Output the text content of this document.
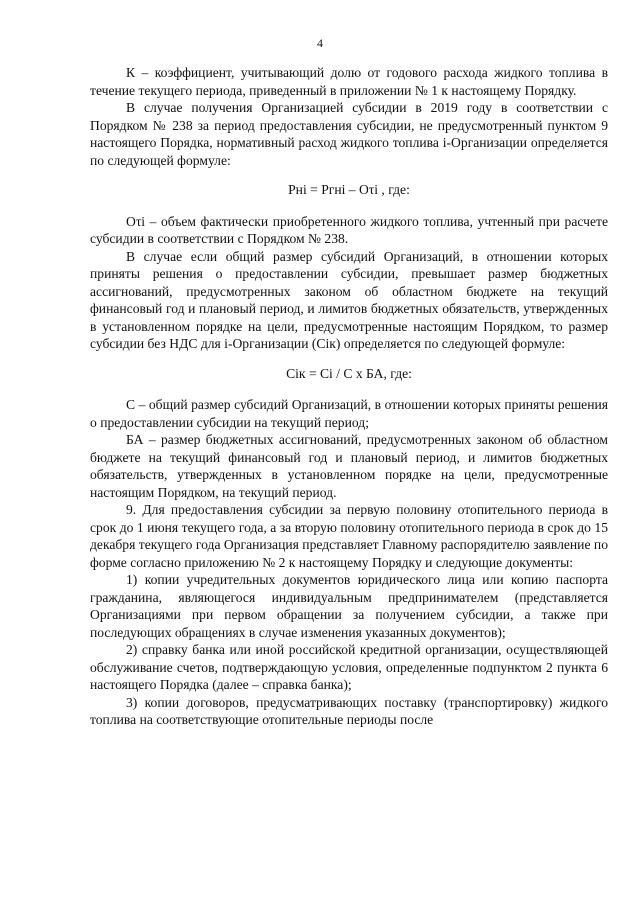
4

К – коэффициент, учитывающий долю от годового расхода жидкого топлива в течение текущего периода, приведенный в приложении № 1 к настоящему Порядку.

В случае получения Организацией субсидии в 2019 году в соответствии с Порядком № 238 за период предоставления субсидии, не предусмотренный пунктом 9 настоящего Порядка, нормативный расход жидкого топлива i-Организации определяется по следующей формуле:

Рнi = Ргнi – Оτi , где:

Оτi – объем фактически приобретенного жидкого топлива, учтенный при расчете субсидии в соответствии с Порядком № 238.

В случае если общий размер субсидий Организаций, в отношении которых приняты решения о предоставлении субсидии, превышает размер бюджетных ассигнований, предусмотренных законом об областном бюджете на текущий финансовый год и плановый период, и лимитов бюджетных обязательств, утвержденных в установленном порядке на цели, предусмотренные настоящим Порядком, то размер субсидии без НДС для i-Организации (Сiк) определяется по следующей формуле:

Сiк = Сi / С x БА, где:

С – общий размер субсидий Организаций, в отношении которых приняты решения о предоставлении субсидии на текущий период;

БА – размер бюджетных ассигнований, предусмотренных законом об областном бюджете на текущий финансовый год и плановый период, и лимитов бюджетных обязательств, утвержденных в установленном порядке на цели, предусмотренные настоящим Порядком, на текущий период.

9. Для предоставления субсидии за первую половину отопительного периода в срок до 1 июня текущего года, а за вторую половину отопительного периода в срок до 15 декабря текущего года Организация представляет Главному распорядителю заявление по форме согласно приложению № 2 к настоящему Порядку и следующие документы:

1) копии учредительных документов юридического лица или копию паспорта гражданина, являющегося индивидуальным предпринимателем (представляется Организациями при первом обращении за получением субсидии, а также при последующих обращениях в случае изменения указанных документов);

2) справку банка или иной российской кредитной организации, осуществляющей обслуживание счетов, подтверждающую условия, определенные подпунктом 2 пункта 6 настоящего Порядка (далее – справка банка);

3) копии договоров, предусматривающих поставку (транспортировку) жидкого топлива на соответствующие отопительные периоды после
